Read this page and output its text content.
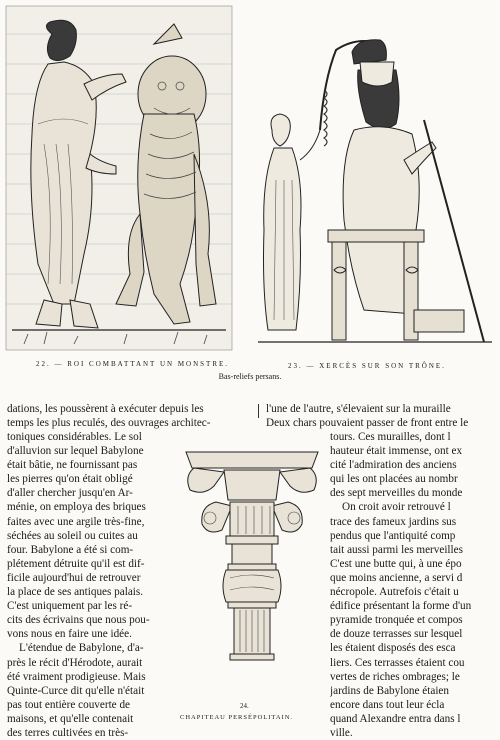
22. — ROI COMBATTANT UN MONSTRE.	23. — XERCÈS SUR SON TRÔNE.
Bas-reliefs persans.

dations, les poussèrent à exécuter depuis les
temps les plus reculés, des ouvrages architec-

toniques considérables. Le sol
d'alluvion sur lequel Babylone
était bâtie, ne fournissant pas
les pierres qu'on était obligé
d'aller chercher jusqu'en Ar-
ménie, on employa des briques
faites avec une argile très-fine,
séchées au soleil ou cuites au
four. Babylone a été si com-
plétement détruite qu'il est dif-
ficile aujourd'hui de retrouver
la place de ses antiques palais.
C'est uniquement par les ré-
cits des écrivains que nous pou-
vons nous en faire une idée.
L'étendue de Babylone, d'a-
près le récit d'Hérodote, aurait
été vraiment prodigieuse. Mais
Quinte-Curce dit qu'elle n'était
pas tout entière couverte de
maisons, et qu'elle contenait
des terres cultivées en très-
l'une de l'autre, s'élevaient sur la muraille
Deux chars pouvaient passer de front entre le
24.
CHAPITEAU PERSÉPOLITAIN.
tours. Ces murailles, dont l
hauteur était immense, ont ex
cité l'admiration des anciens
qui les ont placées au nombr
des sept merveilles du monde
On croit avoir retrouvé l
trace des fameux jardins sus
pendus que l'antiquité comp
tait aussi parmi les merveilles
C'est une butte qui, à une épo
que moins ancienne, a servi d
nécropole. Autrefois c'était u
édifice présentant la forme d'un
pyramide tronquée et compos
de douze terrasses sur lesquel
les étaient disposés des esca
liers. Ces terrasses étaient cou
vertes de riches ombrages; le
jardins de Babylone étaien
encore dans tout leur écla
quand Alexandre entra dans l
ville.
